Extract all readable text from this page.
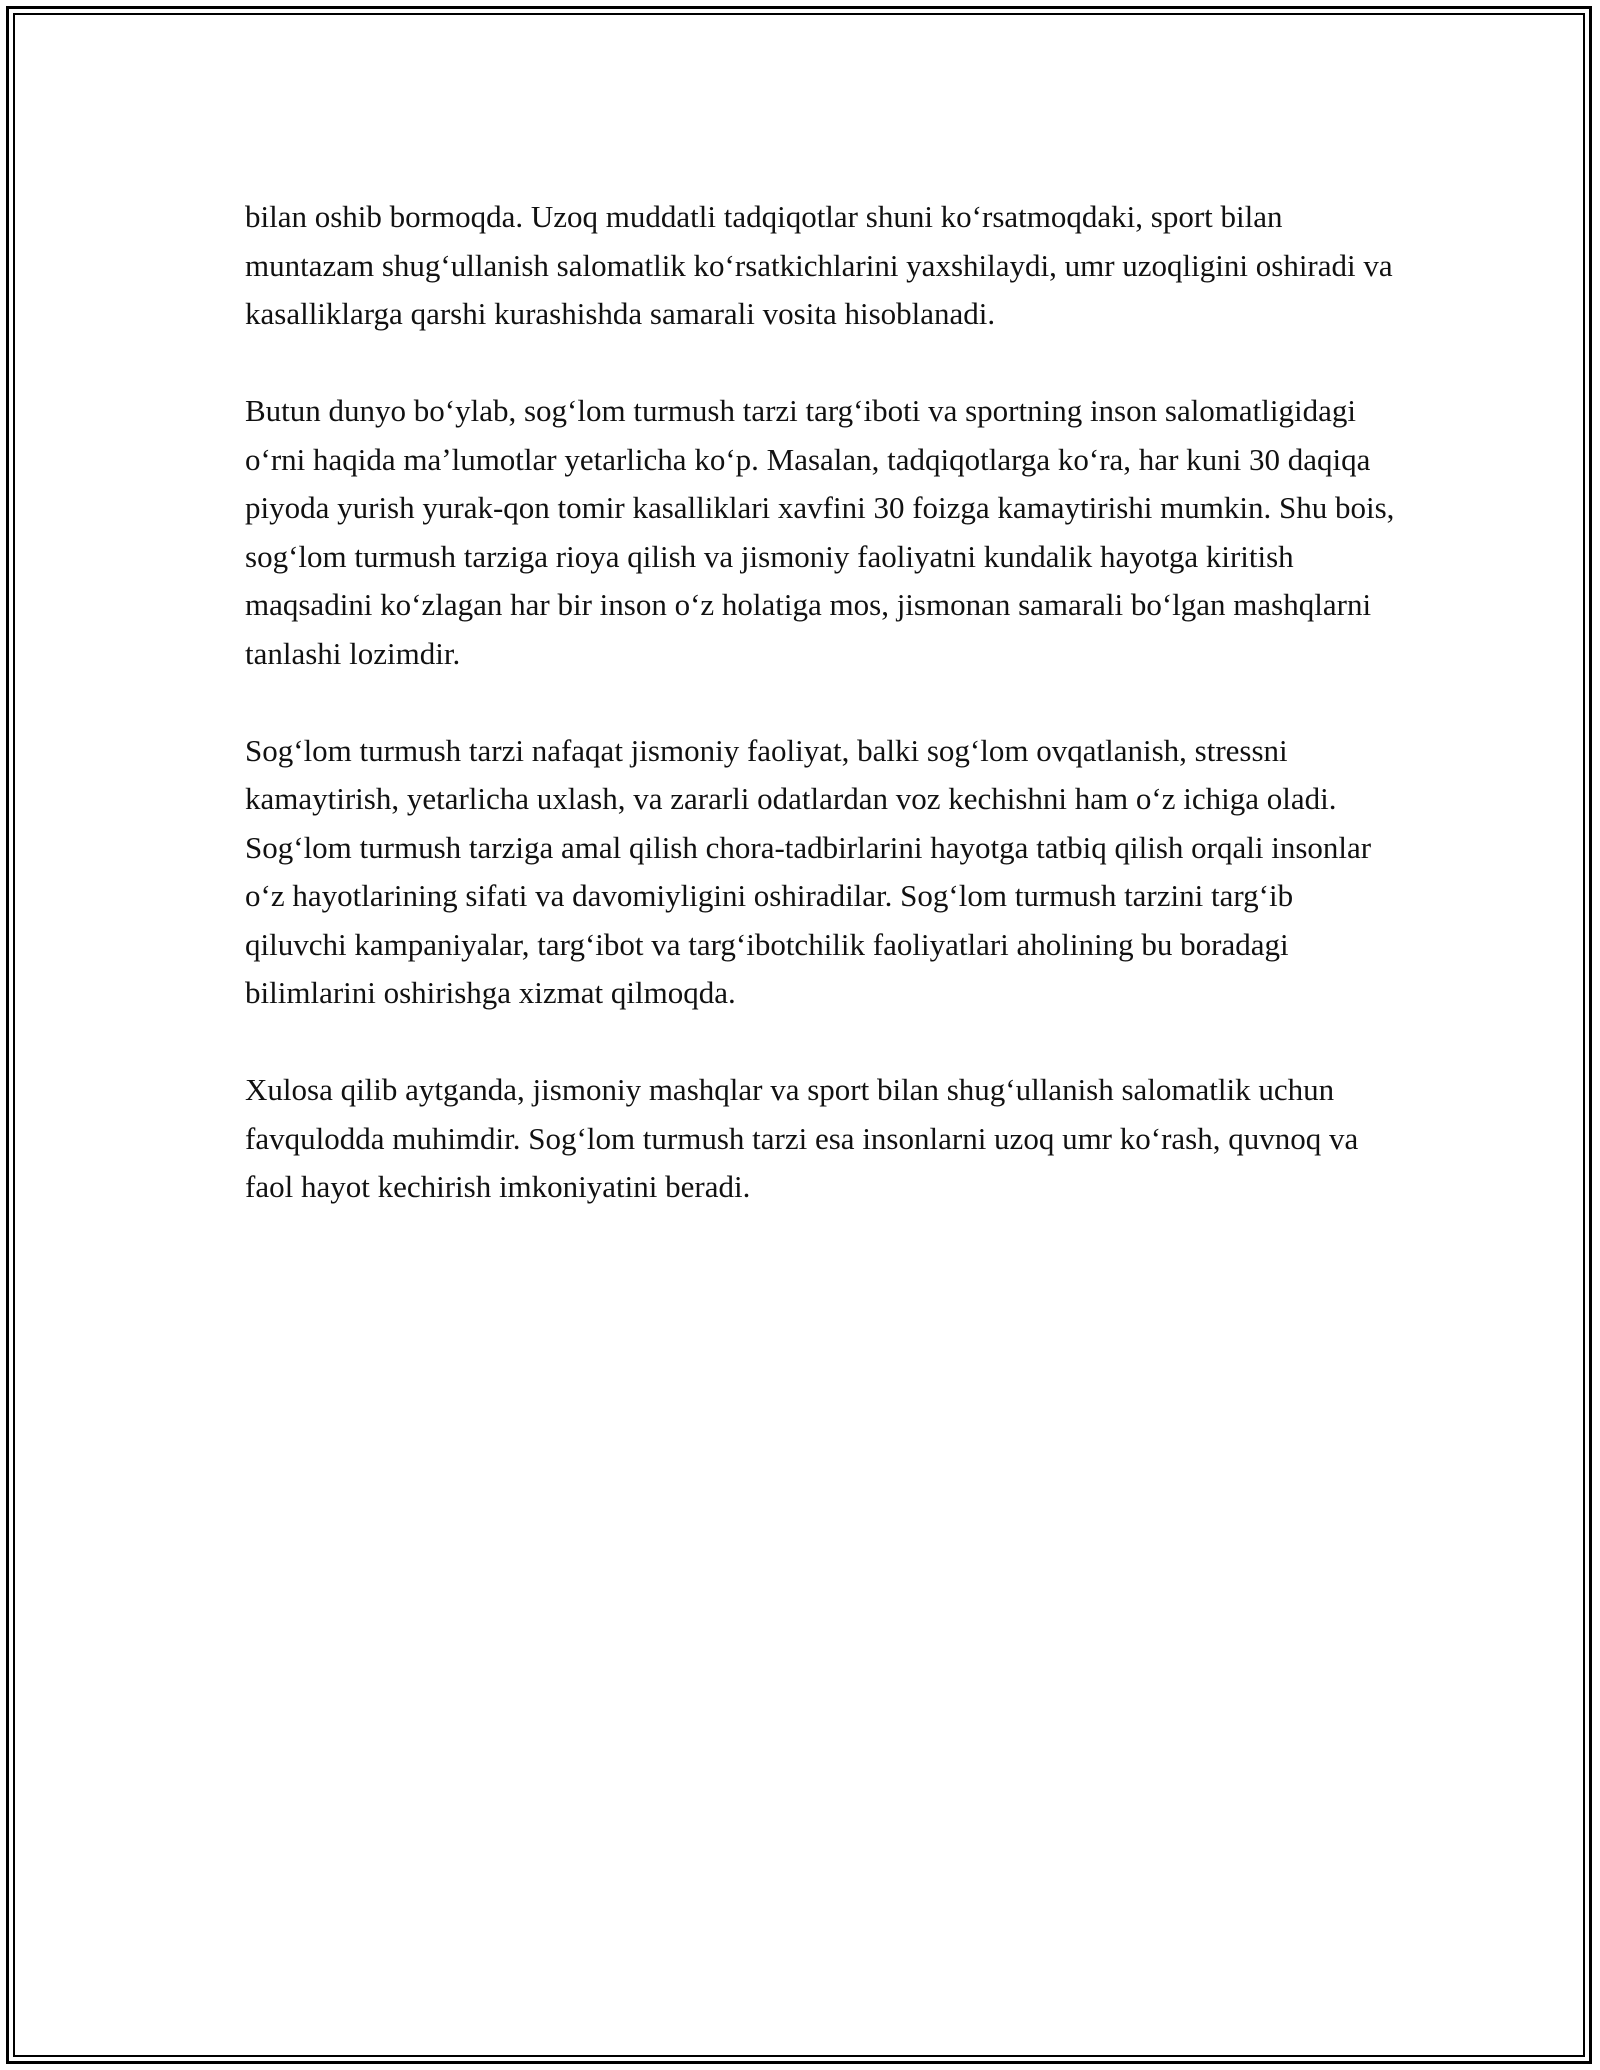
bilan oshib bormoqda. Uzoq muddatli tadqiqotlar shuni koʻrsatmoqdaki, sport bilan muntazam shugʻullanish salomatlik koʻrsatkichlarini yaxshilaydi, umr uzoqligini oshiradi va kasalliklarga qarshi kurashishda samarali vosita hisoblanadi.

Butun dunyo boʻylab, sogʻlom turmush tarzi targʻiboti va sportning inson salomatligidagi oʻrni haqida maʼlumotlar yetarlicha koʻp. Masalan, tadqiqotlarga koʻra, har kuni 30 daqiqa piyoda yurish yurak-qon tomir kasalliklari xavfini 30 foizga kamaytirishi mumkin. Shu bois, sogʻlom turmush tarziga rioya qilish va jismoniy faoliyatni kundalik hayotga kiritish maqsadini koʻzlagan har bir inson oʻz holatiga mos, jismonan samarali boʻlgan mashqlarni tanlashi lozimdir.

Sogʻlom turmush tarzi nafaqat jismoniy faoliyat, balki sogʻlom ovqatlanish, stressni kamaytirish, yetarlicha uxlash, va zararli odatlardan voz kechishni ham oʻz ichiga oladi. Sogʻlom turmush tarziga amal qilish chora-tadbirlarini hayotga tatbiq qilish orqali insonlar oʻz hayotlarining sifati va davomiyligini oshiradilar. Sogʻlom turmush tarzini targʻib qiluvchi kampaniyalar, targʻibot va targʻibotchilik faoliyatlari aholining bu boradagi bilimlarini oshirishga xizmat qilmoqda.

Xulosa qilib aytganda, jismoniy mashqlar va sport bilan shugʻullanish salomatlik uchun favqulodda muhimdir. Sogʻlom turmush tarzi esa insonlarni uzoq umr koʻrash, quvnoq va faol hayot kechirish imkoniyatini beradi.
